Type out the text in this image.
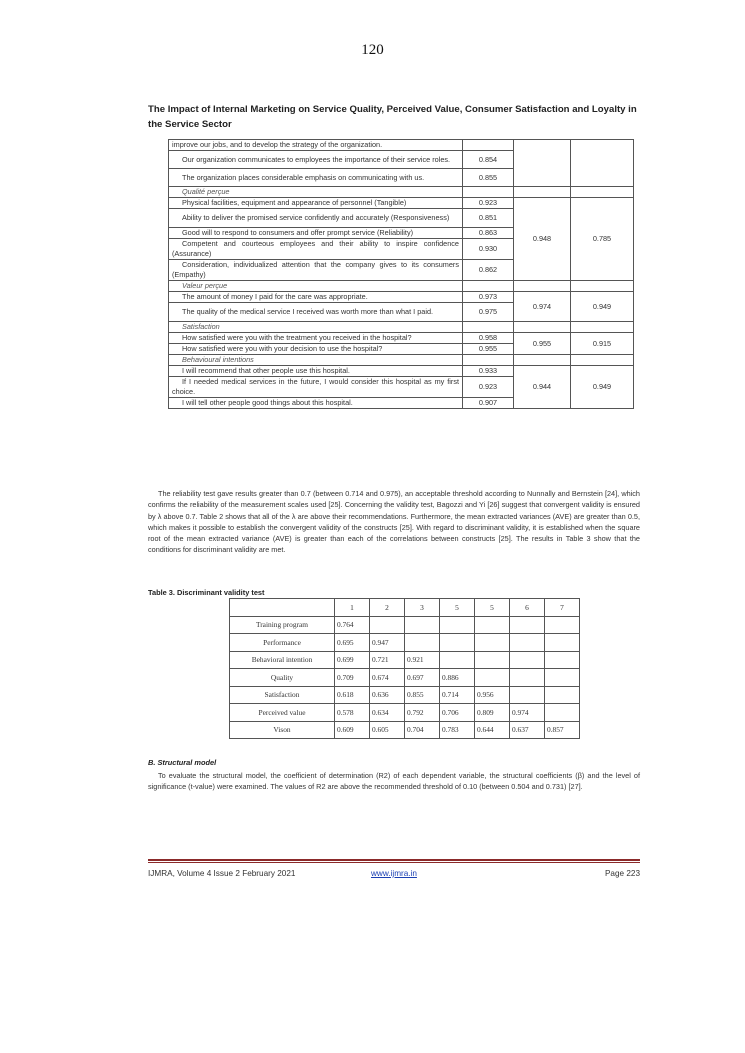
120
The Impact of Internal Marketing on Service Quality, Perceived Value, Consumer Satisfaction and Loyalty in the Service Sector
improve our jobs, and to develop the strategy of the organization.			
Our organization communicates to employees the importance of their service roles.	0.854		
The organization places considerable emphasis on communicating with us.	0.855		
Qualité perçue			
Physical facilities, equipment and appearance of personnel (Tangible)	0.923	0.948	0.785
Ability to deliver the promised service confidently and accurately (Responsiveness)	0.851		
Good will to respond to consumers and offer prompt service (Reliability)	0.863		
Competent and courteous employees and their ability to inspire confidence (Assurance)	0.930		
Consideration, individualized attention that the company gives to its consumers (Empathy)	0.862		
Valeur perçue			
The amount of money I paid for the care was appropriate.	0.973	0.974	0.949
The quality of the medical service I received was worth more than what I paid.	0.975		
Satisfaction			
How satisfied were you with the treatment you received in the hospital?	0.958	0.955	0.915
How satisfied were you with your decision to use the hospital?	0.955		
Behavioural intentions			
I will recommend that other people use this hospital.	0.933	0.944	0.949
If I needed medical services in the future, I would consider this hospital as my first choice.	0.923		
I will tell other people good things about this hospital.	0.907		
The reliability test gave results greater than 0.7 (between 0.714 and 0.975), an acceptable threshold according to Nunnally and Bernstein [24], which confirms the reliability of the measurement scales used [25]. Concerning the validity test, Bagozzi and Yi [26] suggest that convergent validity is ensured by λ above 0.7. Table 2 shows that all of the λ are above their recommendations. Furthermore, the mean extracted variances (AVE) are greater than 0.5, which makes it possible to establish the convergent validity of the constructs [25]. With regard to discriminant validity, it is established when the square root of the mean extracted variance (AVE) is greater than each of the correlations between constructs [25]. The results in Table 3 show that the conditions for discriminant validity are met.
Table 3. Discriminant validity test
	1	2	3	5	5	6	7
Training program	0.764						
Performance	0.695	0.947					
Behavioral intention	0.699	0.721	0.921				
Quality	0.709	0.674	0.697	0.886			
Satisfaction	0.618	0.636	0.855	0.714	0.956		
Perceived value	0.578	0.634	0.792	0.706	0.809	0.974	
Vison	0.609	0.605	0.704	0.783	0.644	0.637	0.857
B. Structural model
To evaluate the structural model, the coefficient of determination (R2) of each dependent variable, the structural coefficients (β) and the level of significance (t-value) were examined. The values of R2 are above the recommended threshold of 0.10 (between 0.504 and 0.731) [27].
IJMRA, Volume 4 Issue 2 February 2021	www.ijmra.in	Page 223
